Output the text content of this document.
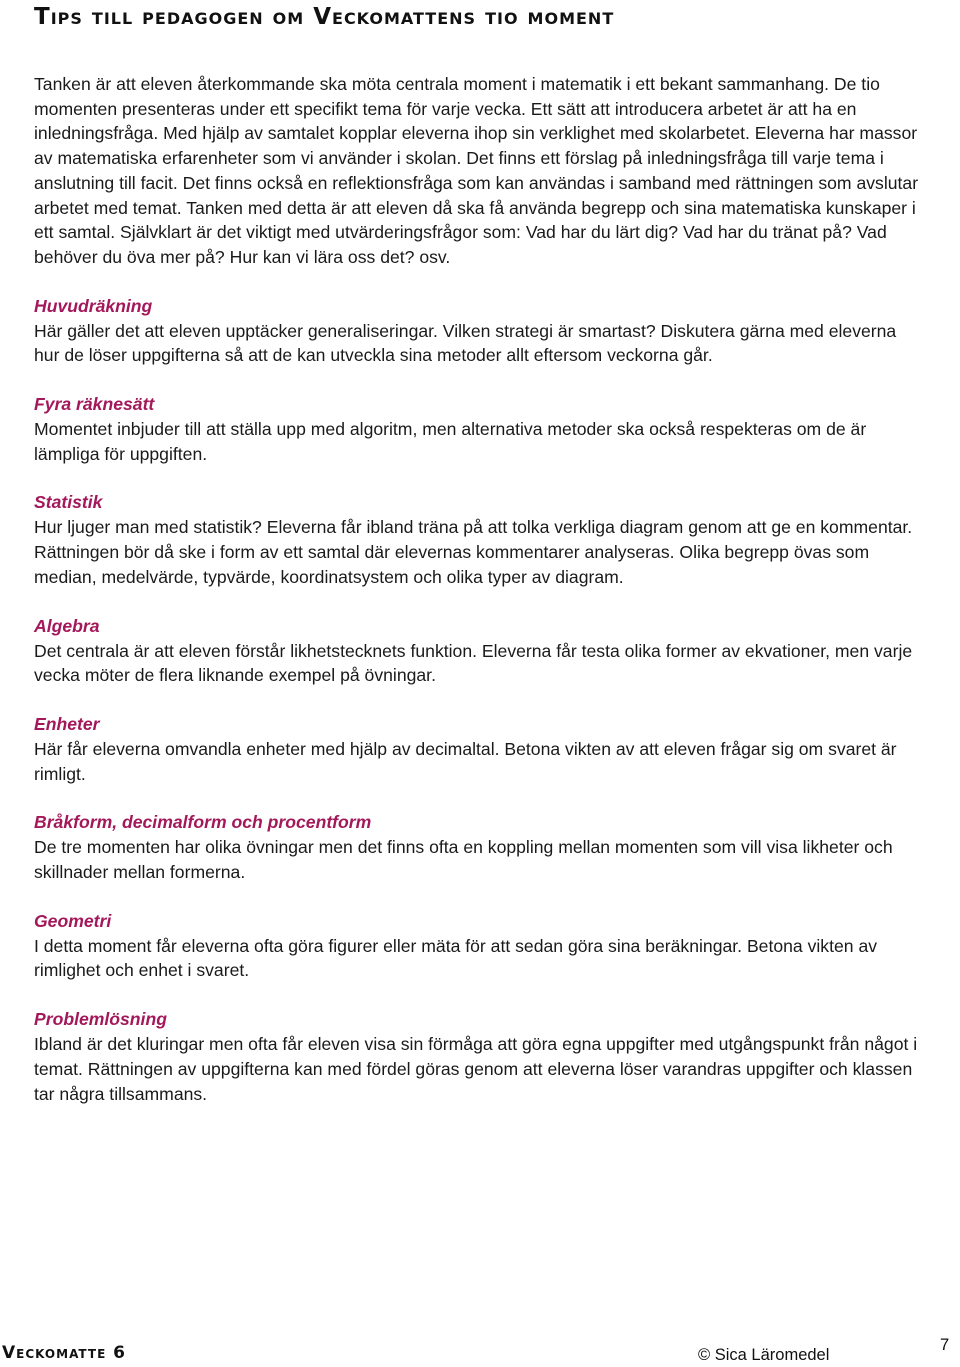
Tips till pedagogen om Veckomattens tio moment

Tanken är att eleven återkommande ska möta centrala moment i matematik i ett bekant sammanhang. De tio momenten presenteras under ett specifikt tema för varje vecka. Ett sätt att introducera arbetet är att ha en inledningsfråga. Med hjälp av samtalet kopplar eleverna ihop sin verklighet med skolarbetet. Eleverna har massor av matematiska erfarenheter som vi använder i skolan. Det finns ett förslag på inledningsfråga till varje tema i anslutning till facit. Det finns också en reflektionsfråga som kan användas i samband med rättningen som avslutar arbetet med temat. Tanken med detta är att eleven då ska få använda begrepp och sina matematiska kunskaper i ett samtal. Självklart är det viktigt med utvärderingsfrågor som: Vad har du lärt dig? Vad har du tränat på? Vad behöver du öva mer på? Hur kan vi lära oss det? osv.

Huvudräkning

Här gäller det att eleven upptäcker generaliseringar. Vilken strategi är smartast? Diskutera gärna med eleverna hur de löser uppgifterna så att de kan utveckla sina metoder allt eftersom veckorna går.

Fyra räknesätt

Momentet inbjuder till att ställa upp med algoritm, men alternativa metoder ska också respekteras om de är lämpliga för uppgiften.

Statistik

Hur ljuger man med statistik? Eleverna får ibland träna på att tolka verkliga diagram genom att ge en kommentar. Rättningen bör då ske i form av ett samtal där elevernas kommentarer analyseras. Olika begrepp övas som median, medelvärde, typvärde, koordinatsystem och olika typer av diagram.

Algebra

Det centrala är att eleven förstår likhetstecknets funktion. Eleverna får testa olika former av ekvationer, men varje vecka möter de flera liknande exempel på övningar.

Enheter

Här får eleverna omvandla enheter med hjälp av decimaltal. Betona vikten av att eleven frågar sig om svaret är rimligt.

Bråkform, decimalform och procentform

De tre momenten har olika övningar men det finns ofta en koppling mellan momenten som vill visa likheter och skillnader mellan formerna.

Geometri

I detta moment får eleverna ofta göra figurer eller mäta för att sedan göra sina beräkningar. Betona vikten av rimlighet och enhet i svaret.

Problemlösning

Ibland är det kluringar men ofta får eleven visa sin förmåga att göra egna uppgifter med utgångspunkt från något i temat. Rättningen av uppgifterna kan med fördel göras genom att eleverna löser varandras uppgifter och klassen tar några tillsammans.

Veckomatte 6	© Sica Läromedel
7
